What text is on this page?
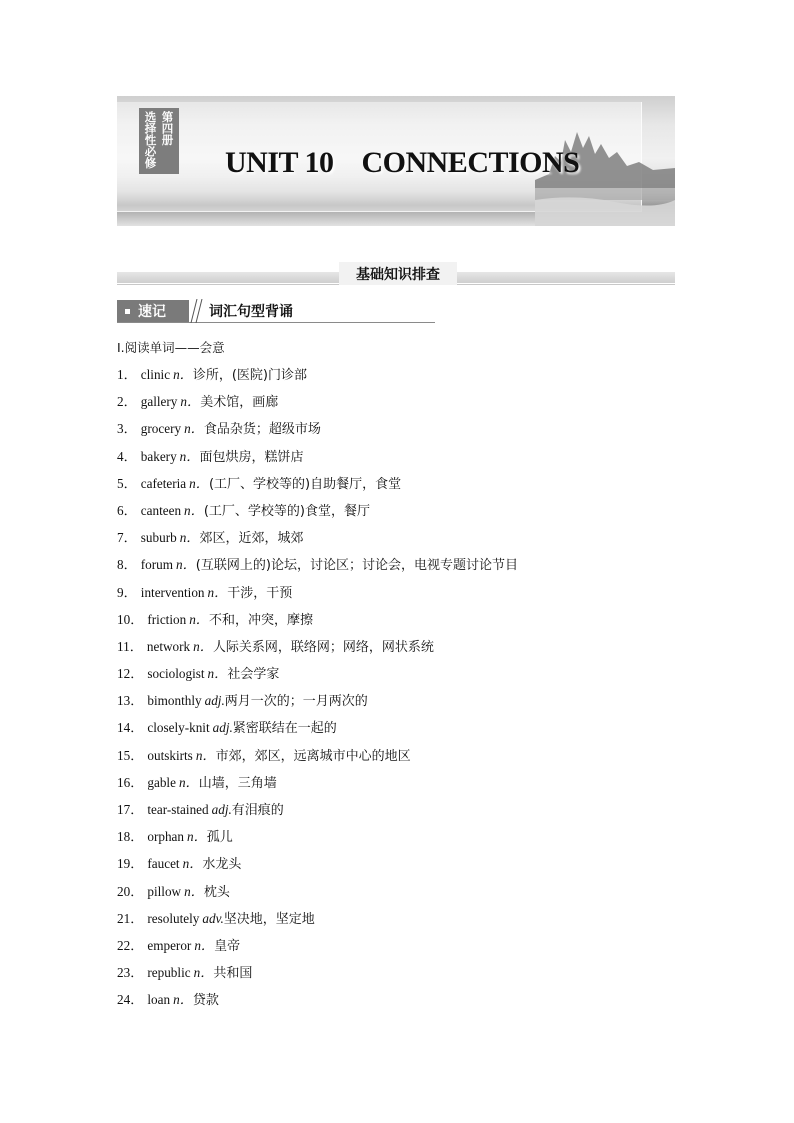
第四册
选择性必修 UNIT 10    CONNECTIONS
基础知识排查
速记	词汇句型背诵
Ⅰ.阅读单词——会意
1． clinic n．诊所，(医院)门诊部
2． gallery n．美术馆，画廊
3． grocery n．食品杂货；超级市场
4． bakery n．面包烘房，糕饼店
5． cafeteria n．(工厂、学校等的)自助餐厅，食堂
6． canteen n．(工厂、学校等的)食堂，餐厅
7． suburb n．郊区，近郊，城郊
8． forum n．(互联网上的)论坛，讨论区；讨论会，电视专题讨论节目
9． intervention n．干涉，干预
10． friction n．不和，冲突，摩擦
11． network n．人际关系网，联络网；网络，网状系统
12． sociologist n．社会学家
13． bimonthly adj.两月一次的；一月两次的
14． closely-knit adj.紧密联结在一起的
15． outskirts n．市郊，郊区，远离城市中心的地区
16． gable n．山墙，三角墙
17． tear-stained adj.有泪痕的
18． orphan n．孤儿
19． faucet n．水龙头
20． pillow n．枕头
21． resolutely adv.坚决地，坚定地
22． emperor n．皇帝
23． republic n．共和国
24． loan n．贷款
